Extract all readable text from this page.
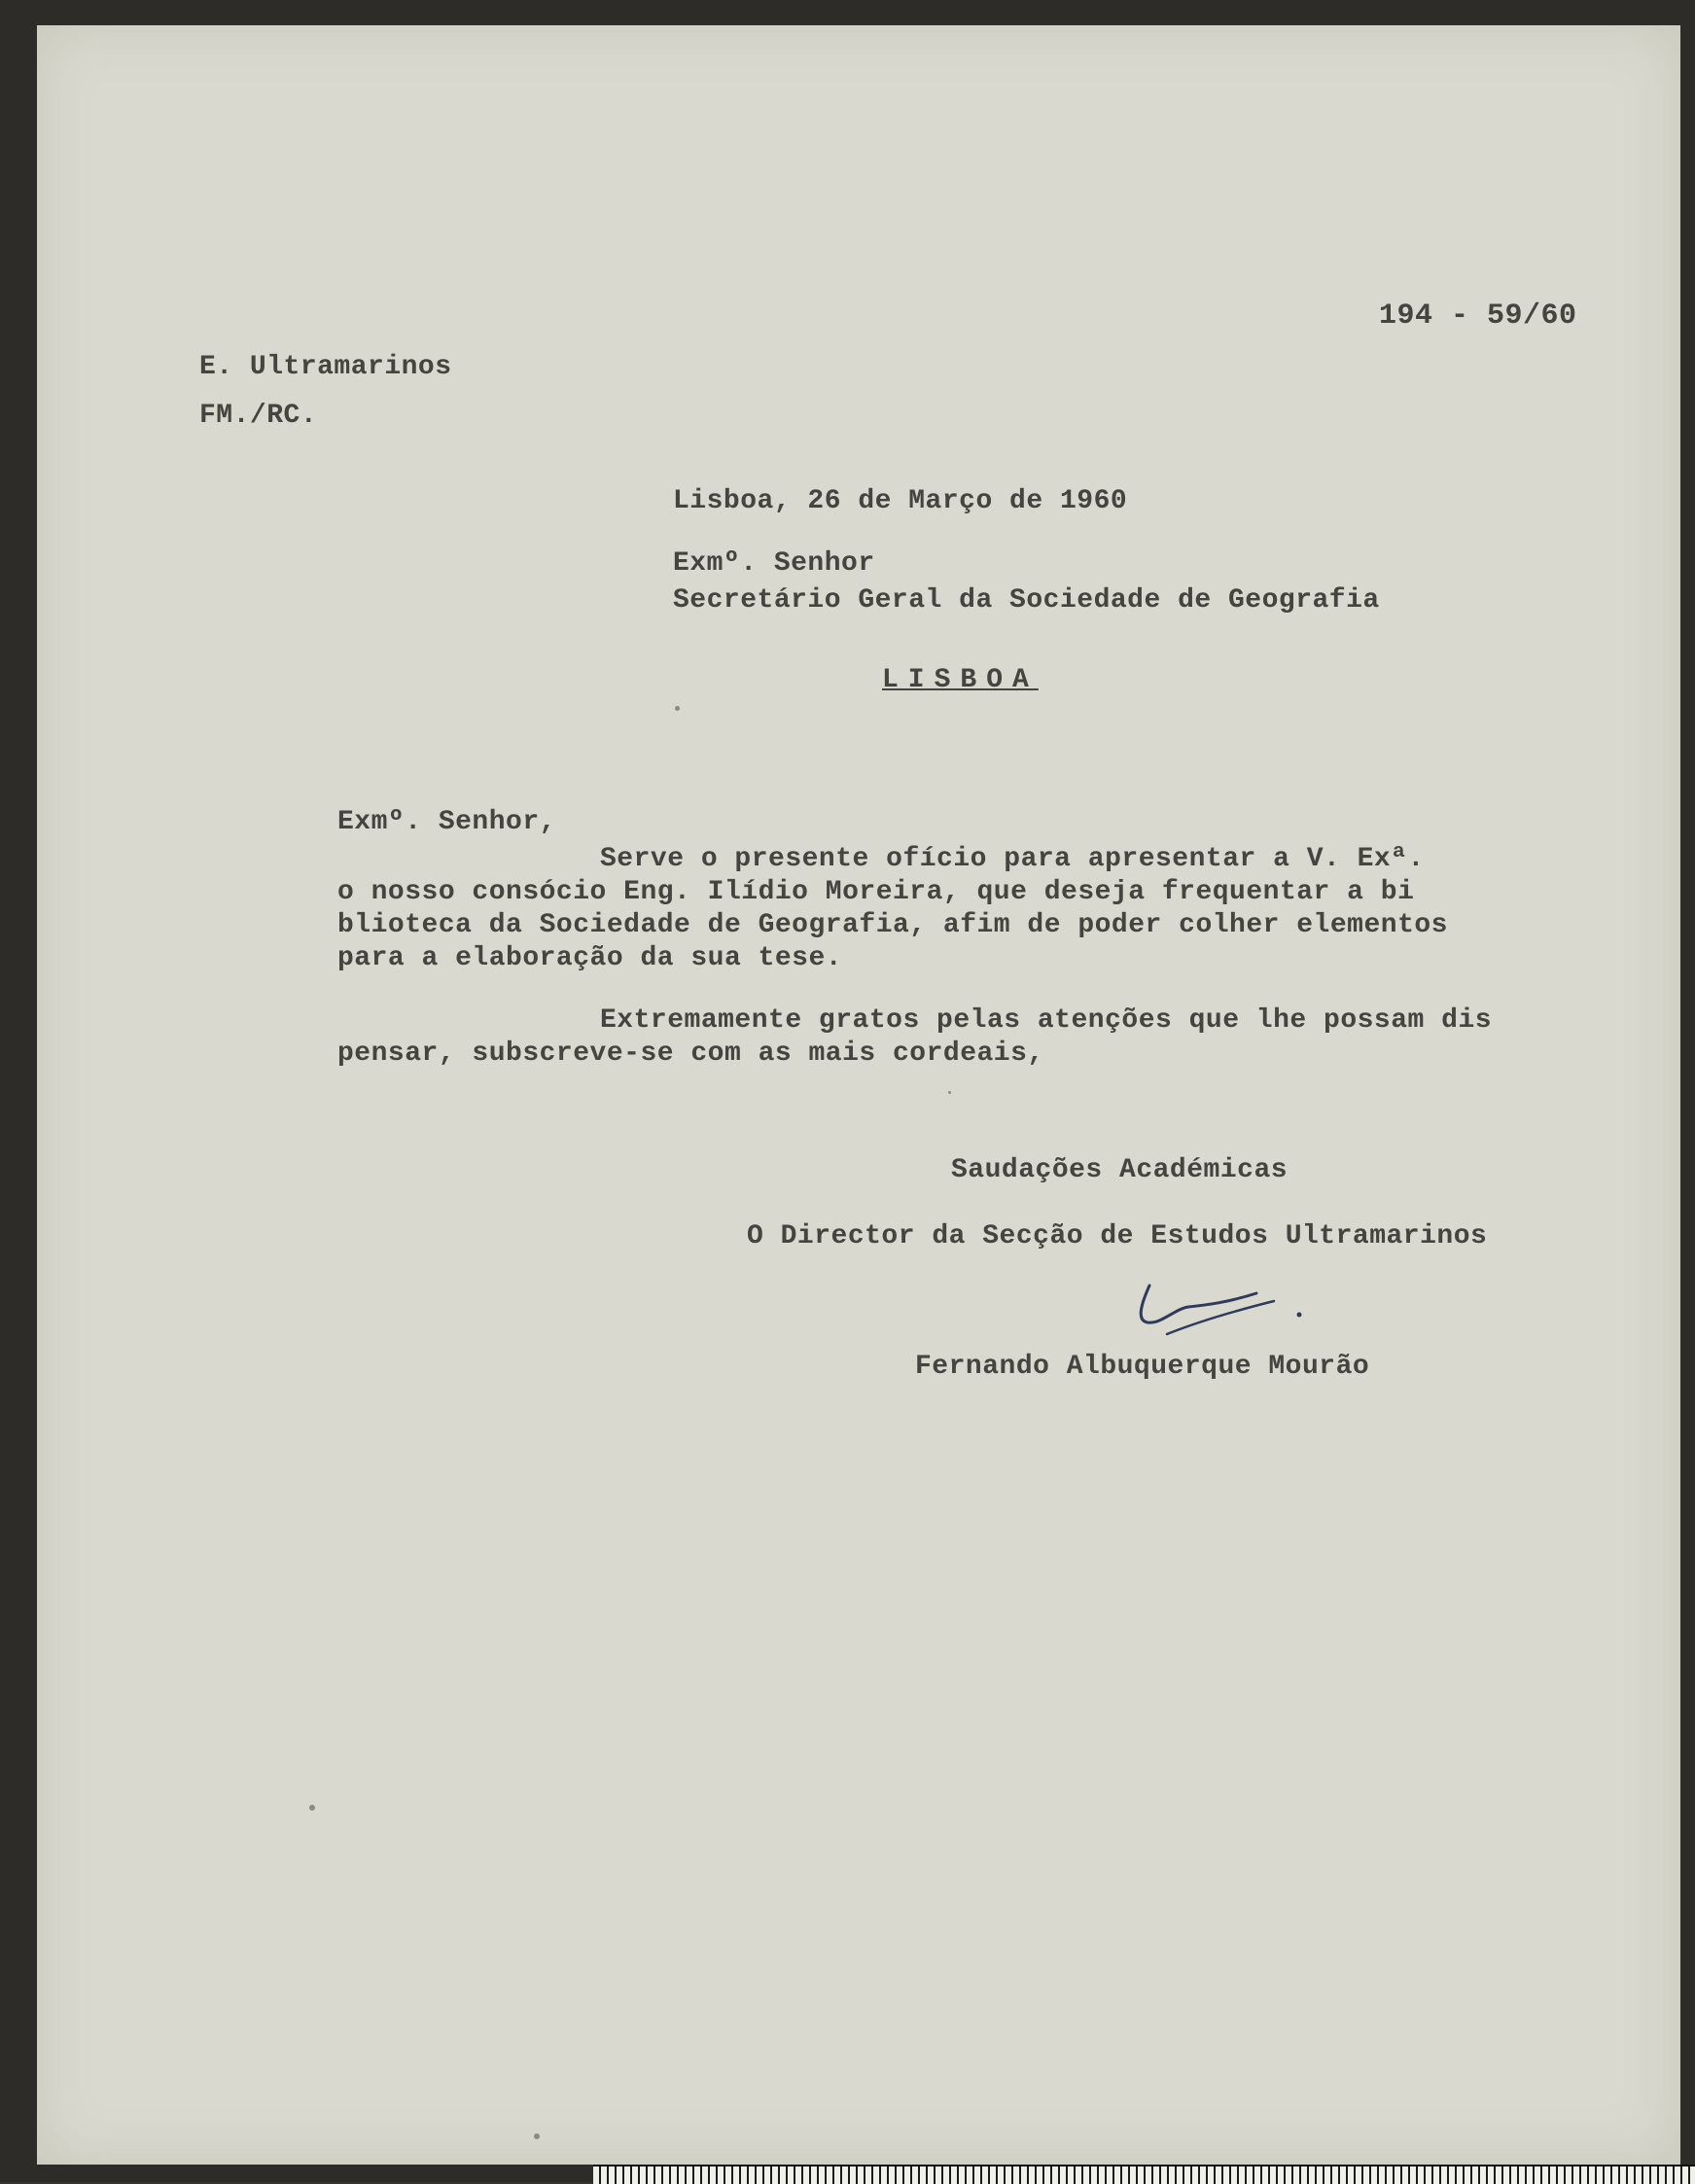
194 - 59/60
E. Ultramarinos
FM./RC.
Lisboa, 26 de Março de 1960
Exmº. Senhor
Secretário Geral da Sociedade de Geografia
LISBOA
Exmº. Senhor,
Serve o presente ofício para apresentar a V. Exª.
o nosso consócio Eng. Ilídio Moreira, que deseja frequentar a bi
blioteca da Sociedade de Geografia, afim de poder colher elementos
para a elaboração da sua tese.
Extremamente gratos pelas atenções que lhe possam dis
pensar, subscreve-se com as mais cordeais,
Saudações Académicas
O Director da Secção de Estudos Ultramarinos
Fernando Albuquerque Mourão
